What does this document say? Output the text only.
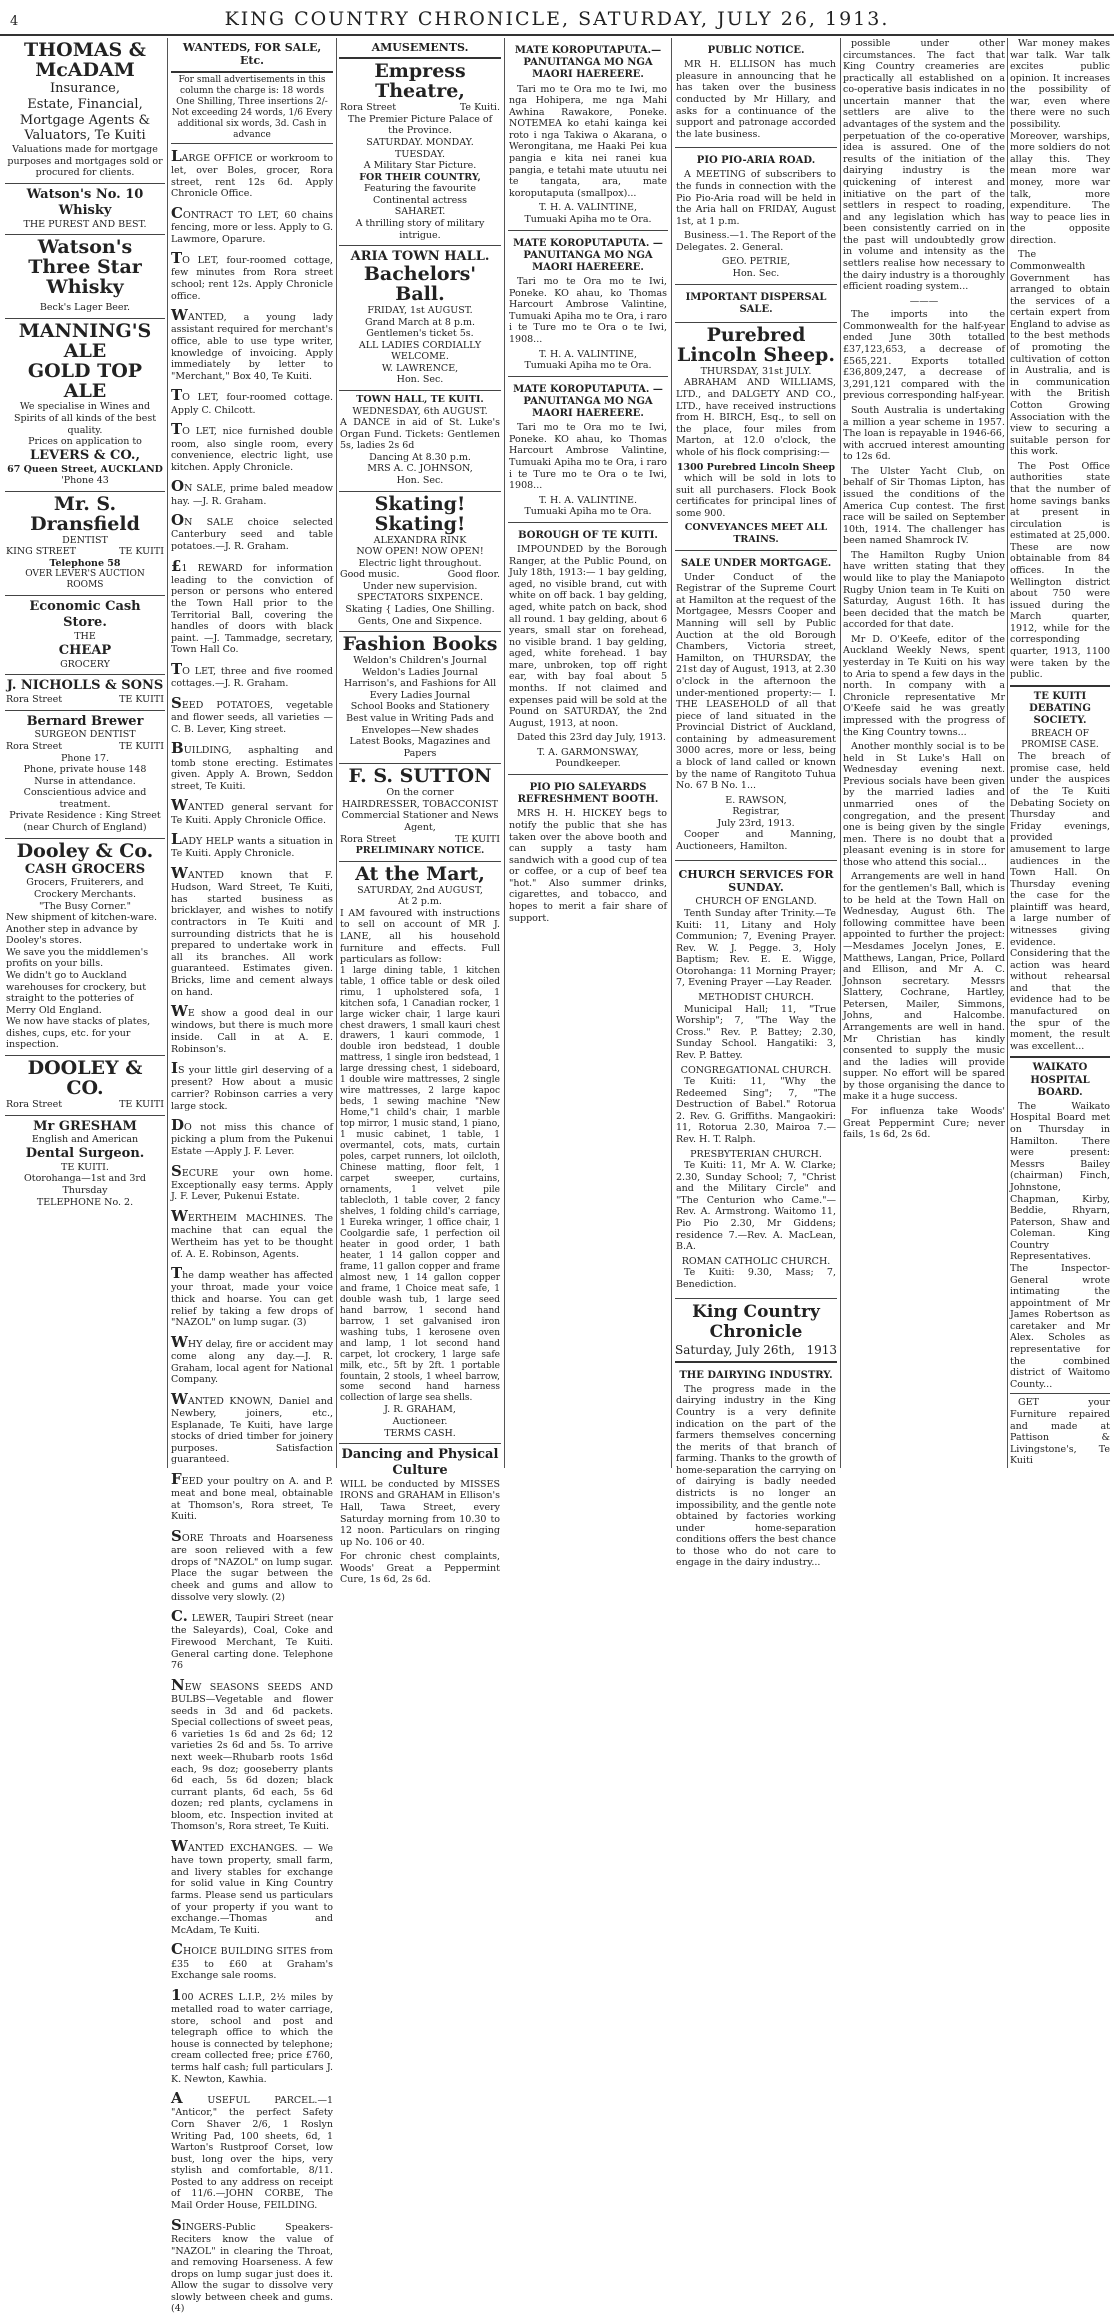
4	KING COUNTRY CHRONICLE, SATURDAY, JULY 26, 1913.
THOMAS & McADAM
Insurance,
Estate, Financial,
Mortgage Agents &
Valuators, Te Kuiti
Valuations made for mortgage purposes and mortgages sold or procured for clients.
Watson's No. 10 Whisky
THE PUREST AND BEST.
Watson's
Three Star Whisky
Beck's Lager Beer.
MANNING'S ALE
GOLD TOP ALE
We specialise in Wines and Spirits of all kinds of the best quality.
Prices on application to
LEVERS & CO.,
67 Queen Street, AUCKLAND
'Phone 43
Mr. S. Dransfield
DENTIST
KING STREET	TE KUITI
Telephone 58
OVER LEVER'S AUCTION ROOMS
Economic Cash Store.
THE
CHEAP
GROCERY
J. NICHOLLS & SONS
Rora Street	TE KUITI
Bernard Brewer
SURGEON DENTIST
Rora Street	TE KUITI
Phone 17.
Phone, private house 148
Nurse in attendance.
Conscientious advice and treatment.
Private Residence : King Street (near Church of England)
Dooley & Co.
CASH GROCERS
Grocers, Fruiterers, and Crockery Merchants.
"The Busy Corner."
New shipment of kitchen-ware. Another step in advance by Dooley's stores.
We save you the middlemen's profits on your bills.
We didn't go to Auckland warehouses for crockery, but straight to the potteries of Merry Old England.
We now have stacks of plates, dishes, cups, etc. for your inspection.
DOOLEY & CO.
Rora Street	TE KUITI
Mr GRESHAM
English and American
Dental Surgeon.
TE KUITI.
Otorohanga—1st and 3rd Thursday
TELEPHONE No. 2.
WANTEDS, FOR SALE, Etc.
For small advertisements in this column the charge is: 18 words One Shilling, Three insertions 2/- Not exceeding 24 words, 1/6 Every additional six words, 3d. Cash in advance
LARGE OFFICE or workroom to let, over Boles, grocer, Rora street, rent 12s 6d. Apply Chronicle Office.
CONTRACT TO LET, 60 chains fencing, more or less. Apply to G. Lawmore, Oparure.
TO LET, four-roomed cottage, few minutes from Rora street school; rent 12s. Apply Chronicle office.
WANTED, a young lady assistant required for merchant's office, able to use type writer, knowledge of invoicing. Apply immediately by letter to "Merchant," Box 40, Te Kuiti.
TO LET, four-roomed cottage. Apply C. Chilcott.
TO LET, nice furnished double room, also single room, every convenience, electric light, use kitchen. Apply Chronicle.
ON SALE, prime baled meadow hay. —J. R. Graham.
ON SALE choice selected Canterbury seed and table potatoes.—J. R. Graham.
£1 REWARD for information leading to the conviction of person or persons who entered the Town Hall prior to the Territorial Ball, covering the handles of doors with black paint. —J. Tammadge, secretary, Town Hall Co.
TO LET, three and five roomed cottages.—J. R. Graham.
SEED POTATOES, vegetable and flower seeds, all varieties — C. B. Lever, King street.
BUILDING, asphalting and tomb stone erecting. Estimates given. Apply A. Brown, Seddon street, Te Kuiti.
WANTED general servant for Te Kuiti. Apply Chronicle Office.
LADY HELP wants a situation in Te Kuiti. Apply Chronicle.
WANTED known that F. Hudson, Ward Street, Te Kuiti, has started business as bricklayer, and wishes to notify contractors in Te Kuiti and surrounding districts that he is prepared to undertake work in all its branches. All work guaranteed. Estimates given. Bricks, lime and cement always on hand.
WE show a good deal in our windows, but there is much more inside. Call in at A. E. Robinson's.
IS your little girl deserving of a present? How about a music carrier? Robinson carries a very large stock.
DO not miss this chance of picking a plum from the Pukenui Estate —Apply J. F. Lever.
SECURE your own home. Exceptionally easy terms. Apply J. F. Lever, Pukenui Estate.
WERTHEIM MACHINES. The machine that can equal the Wertheim has yet to be thought of. A. E. Robinson, Agents.
The damp weather has affected your throat, made your voice thick and hoarse. You can get relief by taking a few drops of "NAZOL" on lump sugar. (3)
WHY delay, fire or accident may come along any day.—J. R. Graham, local agent for National Company.
WANTED KNOWN, Daniel and Newbery, joiners, etc., Esplanade, Te Kuiti, have large stocks of dried timber for joinery purposes. Satisfaction guaranteed.
FEED your poultry on A. and P. meat and bone meal, obtainable at Thomson's, Rora street, Te Kuiti.
SORE Throats and Hoarseness are soon relieved with a few drops of "NAZOL" on lump sugar. Place the sugar between the cheek and gums and allow to dissolve very slowly. (2)
C. LEWER, Taupiri Street (near the Saleyards), Coal, Coke and Firewood Merchant, Te Kuiti. General carting done. Telephone 76
NEW SEASONS SEEDS AND BULBS—Vegetable and flower seeds in 3d and 6d packets. Special collections of sweet peas, 6 varieties 1s 6d and 2s 6d; 12 varieties 2s 6d and 5s. To arrive next week—Rhubarb roots 1s6d each, 9s doz; gooseberry plants 6d each, 5s 6d dozen; black currant plants, 6d each, 5s 6d dozen; red plants, cyclamens in bloom, etc. Inspection invited at Thomson's, Rora street, Te Kuiti.
WANTED EXCHANGES. — We have town property, small farm, and livery stables for exchange for solid value in King Country farms. Please send us particulars of your property if you want to exchange.—Thomas and McAdam, Te Kuiti.
CHOICE BUILDING SITES from £35 to £60 at Graham's Exchange sale rooms.
100 ACRES L.I.P., 2½ miles by metalled road to water carriage, store, school and post and telegraph office to which the house is connected by telephone; cream collected free; price £760, terms half cash; full particulars J. K. Newton, Kawhia.
A USEFUL PARCEL.—1 "Anticor," the perfect Safety Corn Shaver 2/6, 1 Roslyn Writing Pad, 100 sheets, 6d, 1 Warton's Rustproof Corset, low bust, long over the hips, very stylish and comfortable, 8/11. Posted to any address on receipt of 11/6.—JOHN CORBE, The Mail Order House, FEILDING.
SINGERS-Public Speakers-Reciters know the value of "NAZOL" in clearing the Throat, and removing Hoarseness. A few drops on lump sugar just does it. Allow the sugar to dissolve very slowly between cheek and gums.(4)
AMUSEMENTS.
Empress Theatre,
Rora Street	Te Kuiti.
The Premier Picture Palace of the Province.
SATURDAY. MONDAY. TUESDAY.
A Military Star Picture.
FOR THEIR COUNTRY,
Featuring the favourite Continental actress
SAHARET.
A thrilling story of military intrigue.
ARIA TOWN HALL.
Bachelors' Ball.
FRIDAY, 1st AUGUST.
Grand March at 8 p.m.
Gentlemen's ticket 5s.
ALL LADIES CORDIALLY WELCOME.
W. LAWRENCE,
Hon. Sec.
TOWN HALL, TE KUITI.
WEDNESDAY, 6th AUGUST.
A DANCE in aid of St. Luke's Organ Fund. Tickets: Gentlemen 5s, ladies 2s 6d
Dancing At 8.30 p.m.
MRS A. C. JOHNSON,
Hon. Sec.
Skating! Skating!
ALEXANDRA RINK
NOW OPEN! NOW OPEN!
Electric light throughout.
Good music.	Good floor.
Under new supervision.
SPECTATORS SIXPENCE.
Skating { Ladies, One Shilling. Gents, One and Sixpence.
Fashion Books
Weldon's Children's Journal
Weldon's Ladies Journal
Harrison's, and Fashions for All
Every Ladies Journal
School Books and Stationery
Best value in Writing Pads and Envelopes—New shades
Latest Books, Magazines and Papers
F. S. SUTTON
On the corner
HAIRDRESSER, TOBACCONIST
Commercial Stationer and News Agent,
Rora Street	TE KUITI
PRELIMINARY NOTICE.
At the Mart,
SATURDAY, 2nd AUGUST,
At 2 p.m.
I AM favoured with instructions to sell on account of MR J. LANE, all his household furniture and effects. Full particulars as follow:
1 large dining table, 1 kitchen table, 1 office table or desk oiled rimu, 1 upholstered sofa, 1 kitchen sofa, 1 Canadian rocker, 1 large wicker chair, 1 large kauri chest drawers, 1 small kauri chest drawers, 1 kauri commode, 1 double iron bedstead, 1 double mattress, 1 single iron bedstead, 1 large dressing chest, 1 sideboard, 1 double wire mattresses, 2 single wire mattresses, 2 large kapoc beds, 1 sewing machine "New Home,"1 child's chair, 1 marble top mirror, 1 music stand, 1 piano, 1 music cabinet, 1 table, 1 overmantel, cots, mats, curtain poles, carpet runners, lot oilcloth, Chinese matting, floor felt, 1 carpet sweeper, curtains, ornaments, 1 velvet pile tablecloth, 1 table cover, 2 fancy shelves, 1 folding child's carriage, 1 Eureka wringer, 1 office chair, 1 Coolgardie safe, 1 perfection oil heater in good order, 1 bath heater, 1 14 gallon copper and frame, 11 gallon copper and frame almost new, 1 14 gallon copper and frame, 1 Choice meat safe, 1 double wash tub, 1 large seed hand barrow, 1 second hand barrow, 1 set galvanised iron washing tubs, 1 kerosene oven and lamp, 1 lot second hand carpet, lot crockery, 1 large safe milk, etc., 5ft by 2ft. 1 portable fountain, 2 stools, 1 wheel barrow, some second hand harness collection of large sea shells.
J. R. GRAHAM,
Auctioneer.
TERMS CASH.
Dancing and Physical Culture
WILL be conducted by MISSES IRONS and GRAHAM in Ellison's Hall, Tawa Street, every Saturday morning from 10.30 to 12 noon. Particulars on ringing up No. 106 or 40.
For chronic chest complaints, Woods' Great a Peppermint Cure, 1s 6d, 2s 6d.
MATE KOROPUTAPUTA.—PANUITANGA MO NGA MAORI HAEREERE.
Tari mo te Ora mo te Iwi, mo nga Hohipera, me nga Mahi Awhina Rawakore, Poneke. NOTEMEA ko etahi kainga kei roto i nga Takiwa o Akarana, o Werongitana, me Haaki Pei kua pangia e kita nei ranei kua pangia, e tetahi mate utuutu nei te tangata, ara, mate koroputaputa (smallpox)...
T. H. A. VALINTINE,
Tumuaki Apiha mo te Ora.
MATE KOROPUTAPUTA. — PANUITANGA MO NGA MAORI HAEREERE.
Tari mo te Ora mo te Iwi, Poneke. KO ahau, ko Thomas Harcourt Ambrose Valintine, Tumuaki Apiha mo te Ora, i raro i te Ture mo te Ora o te Iwi, 1908...
T. H. A. VALINTINE,
Tumuaki Apiha mo te Ora.
MATE KOROPUTAPUTA. — PANUITANGA MO NGA MAORI HAEREERE.
Tari mo te Ora mo te Iwi, Poneke. KO ahau, ko Thomas Harcourt Ambrose Valintine, Tumuaki Apiha mo te Ora, i raro i te Ture mo te Ora o te Iwi, 1908...
T. H. A. VALINTINE.
Tumuaki Apiha mo te Ora.
BOROUGH OF TE KUITI.
IMPOUNDED by the Borough Ranger, at the Public Pound, on July 18th, 1913:— 1 bay gelding, aged, no visible brand, cut with white on off back. 1 bay gelding, aged, white patch on back, shod all round. 1 bay gelding, about 6 years, small star on forehead, no visible brand. 1 bay gelding, aged, white forehead. 1 bay mare, unbroken, top off right ear, with bay foal about 5 months. If not claimed and expenses paid will be sold at the Pound on SATURDAY, the 2nd August, 1913, at noon.
Dated this 23rd day July, 1913.
T. A. GARMONSWAY,
Poundkeeper.
PIO PIO SALEYARDS REFRESHMENT BOOTH.
MRS H. H. HICKEY begs to notify the public that she has taken over the above booth and can supply a tasty ham sandwich with a good cup of tea or coffee, or a cup of beef tea "hot." Also summer drinks, cigarettes, and tobacco, and hopes to merit a fair share of support.
PUBLIC NOTICE.
MR H. ELLISON has much pleasure in announcing that he has taken over the business conducted by Mr Hillary, and asks for a continuance of the support and patronage accorded the late business.
PIO PIO-ARIA ROAD.
A MEETING of subscribers to the funds in connection with the Pio Pio-Aria road will be held in the Aria hall on FRIDAY, August 1st, at 1 p.m.
Business.—1. The Report of the Delegates. 2. General.
GEO. PETRIE,
Hon. Sec.
IMPORTANT DISPERSAL SALE.
Purebred Lincoln Sheep.
THURSDAY, 31st JULY.
ABRAHAM AND WILLIAMS, LTD., and DALGETY AND CO., LTD., have received instructions from H. BIRCH, Esq., to sell on the place, four miles from Marton, at 12.0 o'clock, the whole of his flock comprising:—
1300 Purebred Lincoln Sheep
which will be sold in lots to suit all purchasers. Flock Book certificates for principal lines of some 900.
CONVEYANCES MEET ALL TRAINS.
SALE UNDER MORTGAGE.
Under Conduct of the Registrar of the Supreme Court at Hamilton at the request of the Mortgagee, Messrs Cooper and Manning will sell by Public Auction at the old Borough Chambers, Victoria street, Hamilton, on THURSDAY, the 21st day of August, 1913, at 2.30 o'clock in the afternoon the under-mentioned property:— I. THE LEASEHOLD of all that piece of land situated in the Provincial District of Auckland, containing by admeasurement 3000 acres, more or less, being a block of land called or known by the name of Rangitoto Tuhua No. 67 B No. 1...
E. RAWSON,
Registrar,
July 23rd, 1913.
Cooper and Manning, Auctioneers, Hamilton.
CHURCH SERVICES FOR SUNDAY.
CHURCH OF ENGLAND.
Tenth Sunday after Trinity.—Te Kuiti: 11, Litany and Holy Communion; 7, Evening Prayer. Rev. W. J. Pegge. 3, Holy Baptism; Rev. E. E. Wigge, Otorohanga: 11 Morning Prayer; 7, Evening Prayer —Lay Reader.
METHODIST CHURCH.
Municipal Hall; 11, "True Worship"; 7, "The Way the Cross." Rev. P. Battey; 2.30, Sunday School. Hangatiki: 3, Rev. P. Battey.
CONGREGATIONAL CHURCH.
Te Kuiti: 11, "Why the Redeemed Sing"; 7, "The Destruction of Babel." Rotorua 2. Rev. G. Griffiths. Mangaokiri: 11, Rotorua 2.30, Mairoa 7.—Rev. H. T. Ralph.
PRESBYTERIAN CHURCH.
Te Kuiti: 11, Mr A. W. Clarke; 2.30, Sunday School; 7, "Christ and the Military Circle" and "The Centurion who Came."—Rev. A. Armstrong. Waitomo 11, Pio Pio 2.30, Mr Giddens; residence 7.—Rev. A. MacLean, B.A.
ROMAN CATHOLIC CHURCH.
Te Kuiti: 9.30, Mass; 7, Benediction.
King Country Chronicle
Saturday, July 26th, 1913
THE DAIRYING INDUSTRY.
The progress made in the dairying industry in the King Country is a very definite indication on the part of the farmers themselves concerning the merits of that branch of farming. Thanks to the growth of home-separation the carrying on of dairying is badly needed districts is no longer an impossibility, and the gentle note obtained by factories working under home-separation conditions offers the best chance to those who do not care to engage in the dairy industry...
possible under other circumstances. The fact that King Country creameries are practically all established on a co-operative basis indicates in no uncertain manner that the settlers are alive to the advantages of the system and the perpetuation of the co-operative idea is assured. One of the results of the initiation of the dairying industry is the quickening of interest and initiative on the part of the settlers in respect to roading, and any legislation which has been consistently carried on in the past will undoubtedly grow in volume and intensity as the settlers realise how necessary to the dairy industry is a thoroughly efficient roading system...
———
The imports into the Commonwealth for the half-year ended June 30th totalled £37,123,653, a decrease of £565,221. Exports totalled £36,809,247, a decrease of 3,291,121 compared with the previous corresponding half-year.
South Australia is undertaking a million a year scheme in 1957. The loan is repayable in 1946-66, with accrued interest amounting to 12s 6d.
The Ulster Yacht Club, on behalf of Sir Thomas Lipton, has issued the conditions of the America Cup contest. The first race will be sailed on September 10th, 1914. The challenger has been named Shamrock IV.
The Hamilton Rugby Union have written stating that they would like to play the Maniapoto Rugby Union team in Te Kuiti on Saturday, August 16th. It has been decided that the match be accorded for that date.
Mr D. O'Keefe, editor of the Auckland Weekly News, spent yesterday in Te Kuiti on his way to Aria to spend a few days in the north. In company with a Chronicle representative Mr O'Keefe said he was greatly impressed with the progress of the King Country towns...
Another monthly social is to be held in St Luke's Hall on Wednesday evening next. Previous socials have been given by the married ladies and unmarried ones of the congregation, and the present one is being given by the single men. There is no doubt that a pleasant evening is in store for those who attend this social...
Arrangements are well in hand for the gentlemen's Ball, which is to be held at the Town Hall on Wednesday, August 6th. The following committee have been appointed to further the project:—Mesdames Jocelyn Jones, E. Matthews, Langan, Price, Pollard and Ellison, and Mr A. C. Johnson secretary. Messrs Slattery, Cochrane, Hartley, Petersen, Mailer, Simmons, Johns, and Halcombe. Arrangements are well in hand. Mr Christian has kindly consented to supply the music and the ladies will provide supper. No effort will be spared by those organising the dance to make it a huge success.
For influenza take Woods' Great Peppermint Cure; never fails, 1s 6d, 2s 6d.
War money makes war talk. War talk excites public opinion. It increases the possibility of war, even where there were no such possibility. Moreover, warships, more soldiers do not allay this. They mean more war money, more war talk, more expenditure. The way to peace lies in the opposite direction.
The Commonwealth Government has arranged to obtain the services of a certain expert from England to advise as to the best methods of promoting the cultivation of cotton in Australia, and is in communication with the British Cotton Growing Association with the view to securing a suitable person for this work.
The Post Office authorities state that the number of home savings banks at present in circulation is estimated at 25,000. These are now obtainable from 84 offices. In the Wellington district about 750 were issued during the March quarter, 1912, while for the corresponding quarter, 1913, 1100 were taken by the public.
TE KUITI DEBATING SOCIETY.
BREACH OF PROMISE CASE.
The breach of promise case, held under the auspices of the Te Kuiti Debating Society on Thursday and Friday evenings, provided amusement to large audiences in the Town Hall. On Thursday evening the case for the plaintiff was heard, a large number of witnesses giving evidence. Considering that the action was heard without rehearsal and that the evidence had to be manufactured on the spur of the moment, the result was excellent...
WAIKATO HOSPITAL BOARD.
The Waikato Hospital Board met on Thursday in Hamilton. There were present: Messrs Bailey (chairman) Finch, Johnstone, Chapman, Kirby, Beddie, Rhyarn, Paterson, Shaw and Coleman. King Country Representatives. The Inspector-General wrote intimating the appointment of Mr James Robertson as caretaker and Mr Alex. Scholes as representative for the combined district of Waitomo County...
GET your Furniture repaired and made at Pattison & Livingstone's, Te Kuiti
